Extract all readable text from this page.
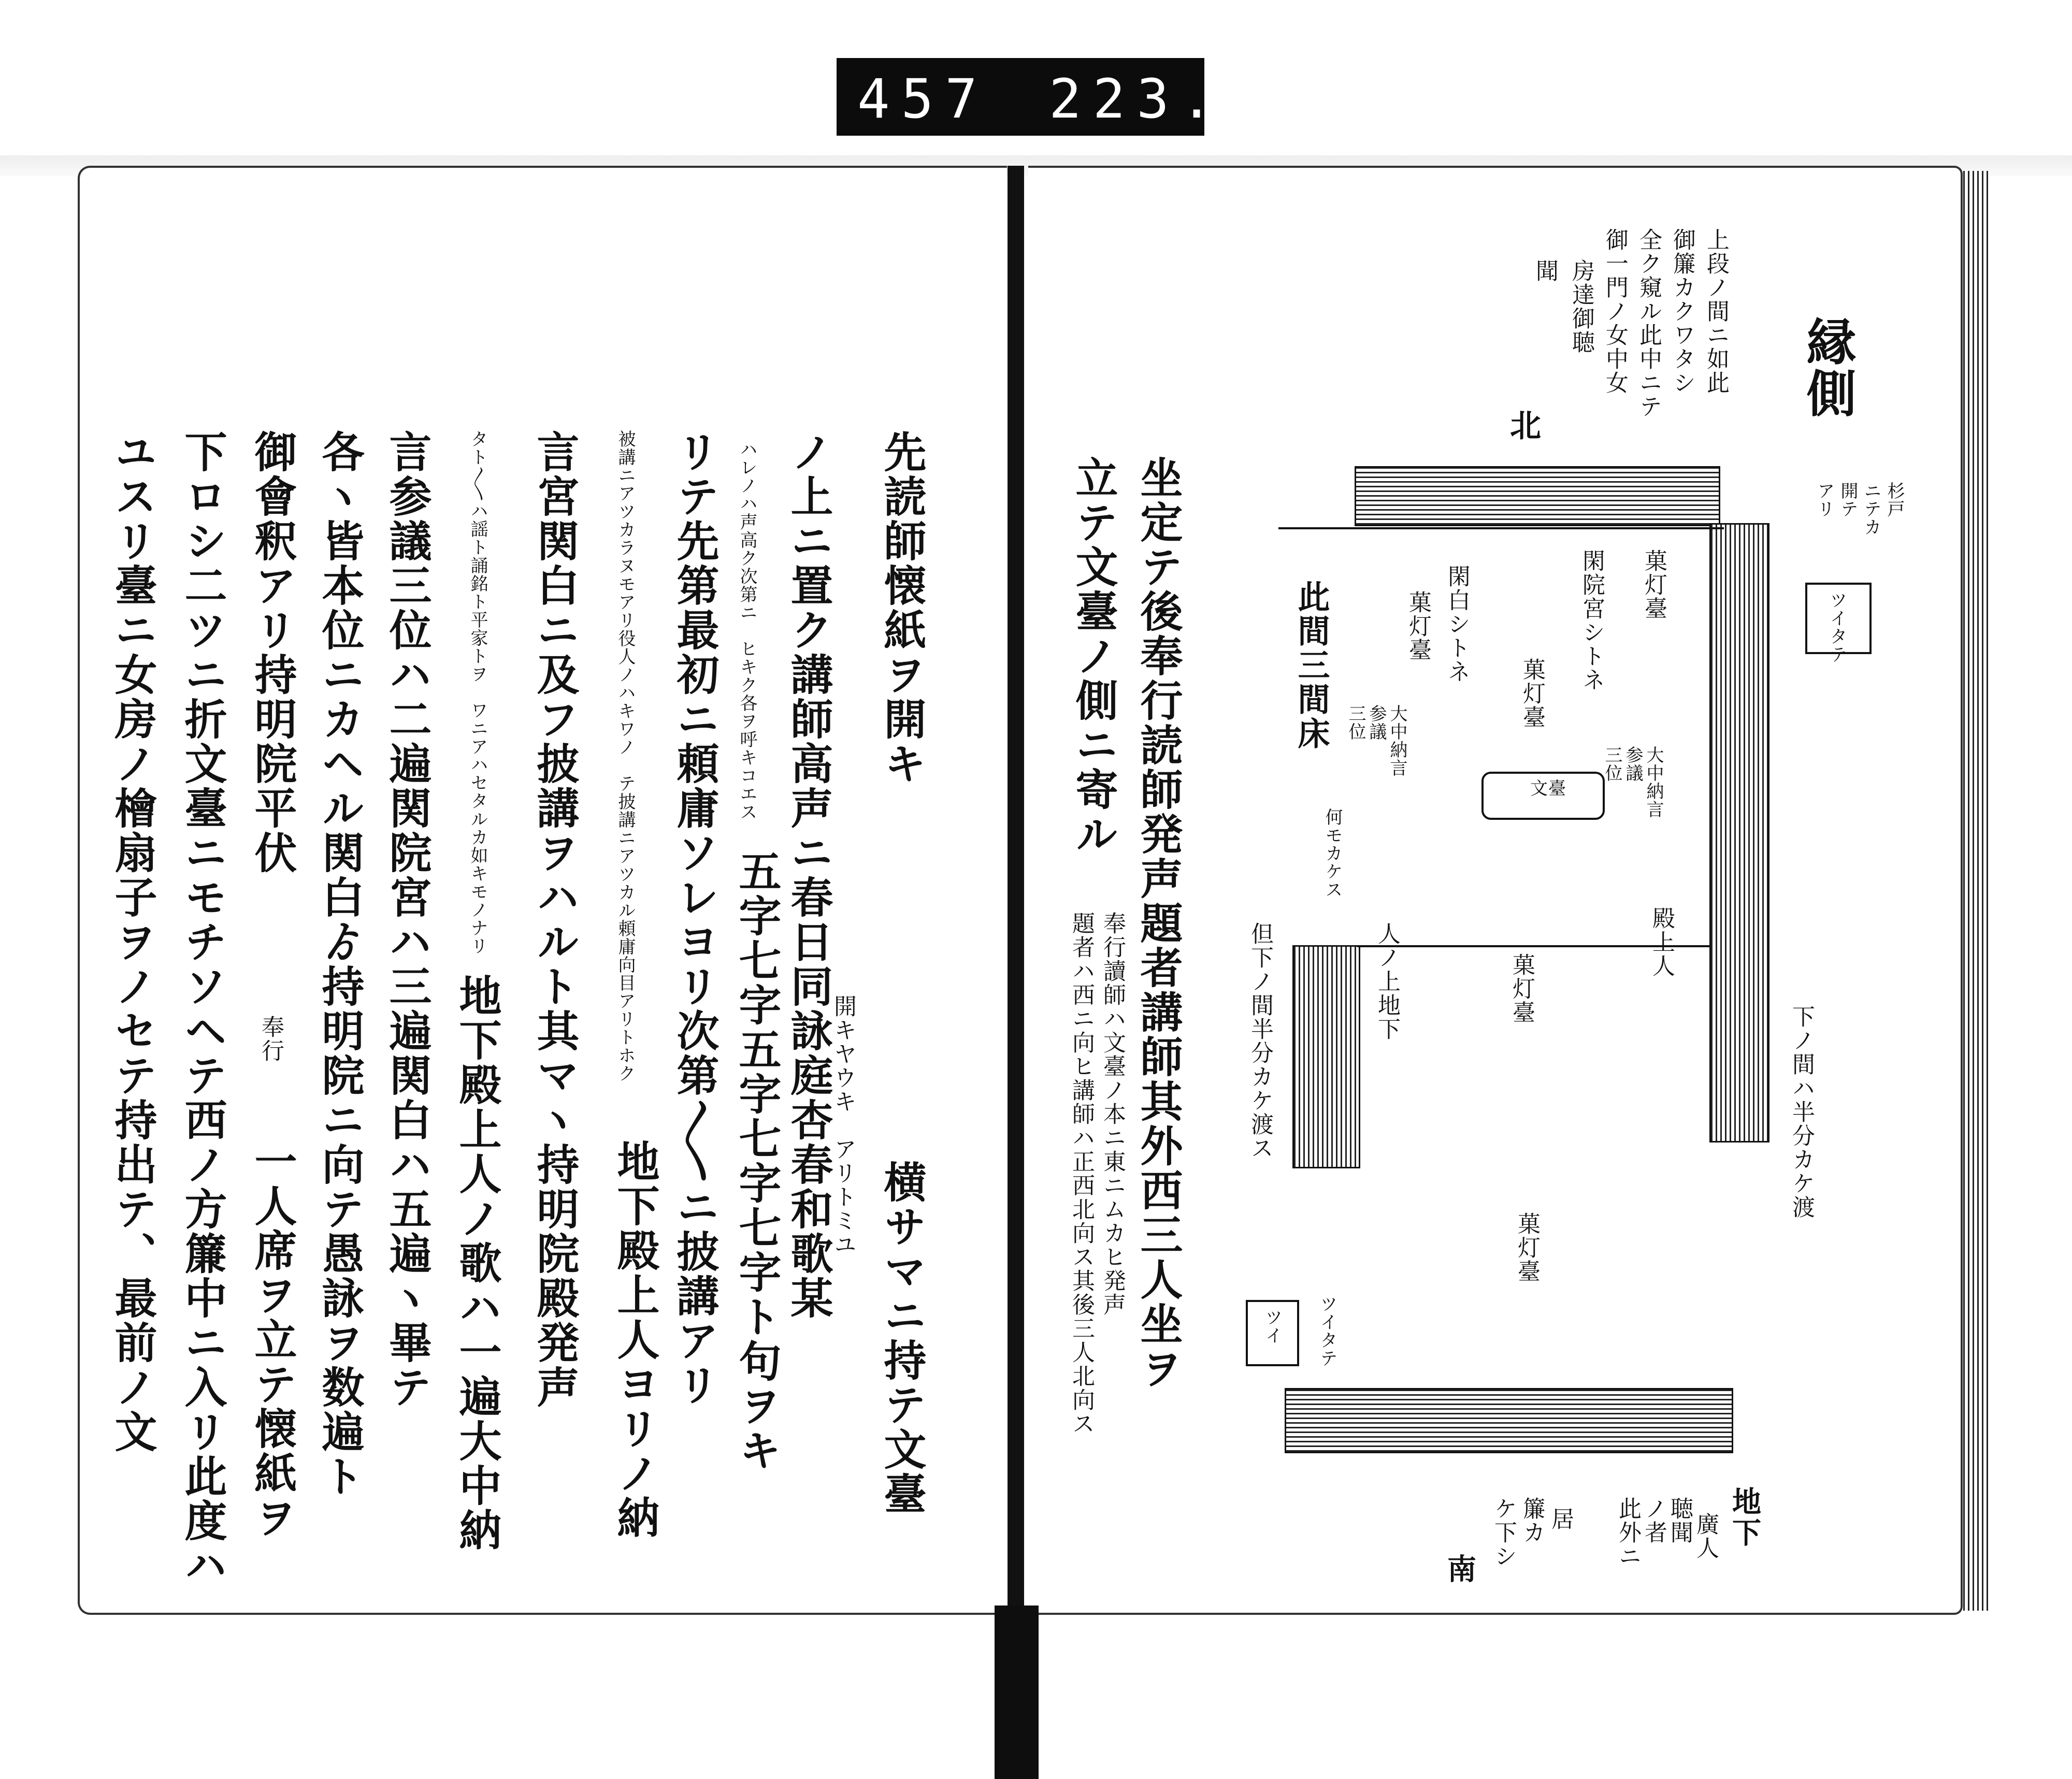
457 223.
先読師懐紙ヲ開キ
開キヤウキ　アリトミユ
横サマニ持テ文臺
ノ上ニ置ク講師高声ニ春日同詠庭杏春和歌某
ハレノハ声高ク次第ニ　ヒキク各ヲ呼キコエス
五字七字五字七字七字ト句ヲキ
リテ先第最初ニ頼庸ソレヨリ次第〳〵ニ披講アリ
被講ニアツカラヌモアリ役人ノハキワノ　テ披講ニアツカル頼庸向目アリトホク
地下殿上人ヨリノ納
言宮関白ニ及フ披講ヲハルト其マヽ持明院殿発声
タト〳〵ハ謡ト誦銘ト平家トヲ　ワニアハセタルカ如キモノナリ
地下殿上人ノ歌ハ一遍大中納
言参議三位ハ二遍関院宮ハ三遍関白ハ五遍ヽ畢テ
各ヽ皆本位ニカヘル関白ゟ持明院ニ向テ愚詠ヲ数遍ト
御會釈アリ持明院平伏
奉行
一人席ヲ立テ懐紙ヲ
下ロシ二ツニ折文臺ニモチソヘテ西ノ方簾中ニ入リ此度ハ
ユスリ臺ニ女房ノ檜扇子ヲノセテ持出テ、最前ノ文	坐定テ後奉行読師発声題者講師其外西三人坐ヲ
立テ文臺ノ側ニ寄ル
奉行讀師ハ文臺ノ本ニ東ニムカヒ発声
題者ハ西ニ向ヒ講師ハ正西北向ス其後三人北向ス
縁側
上段ノ間ニ如此
御簾カクワタシ
全ク窺ル此中ニテ
御一門ノ女中女
房達御聴
聞
北
杉戸
ニテカ
開テ
アリ
ツイタテ
下ノ間ハ半分カケ渡
菓灯臺
閑院宮シトネ
菓灯臺
閑白シトネ
菓灯臺
此間三間床
何モカケス
文臺	大中納言
参議
三位
大中納言
参議
三位
殿上人
人ノ上地下	菓灯臺
菓灯臺
但下ノ間半分カケ渡ス
ツイ ツイタテ
地下
廣人
聴聞
ノ者
此外ニ
居
簾カ
ケ下シ
南
